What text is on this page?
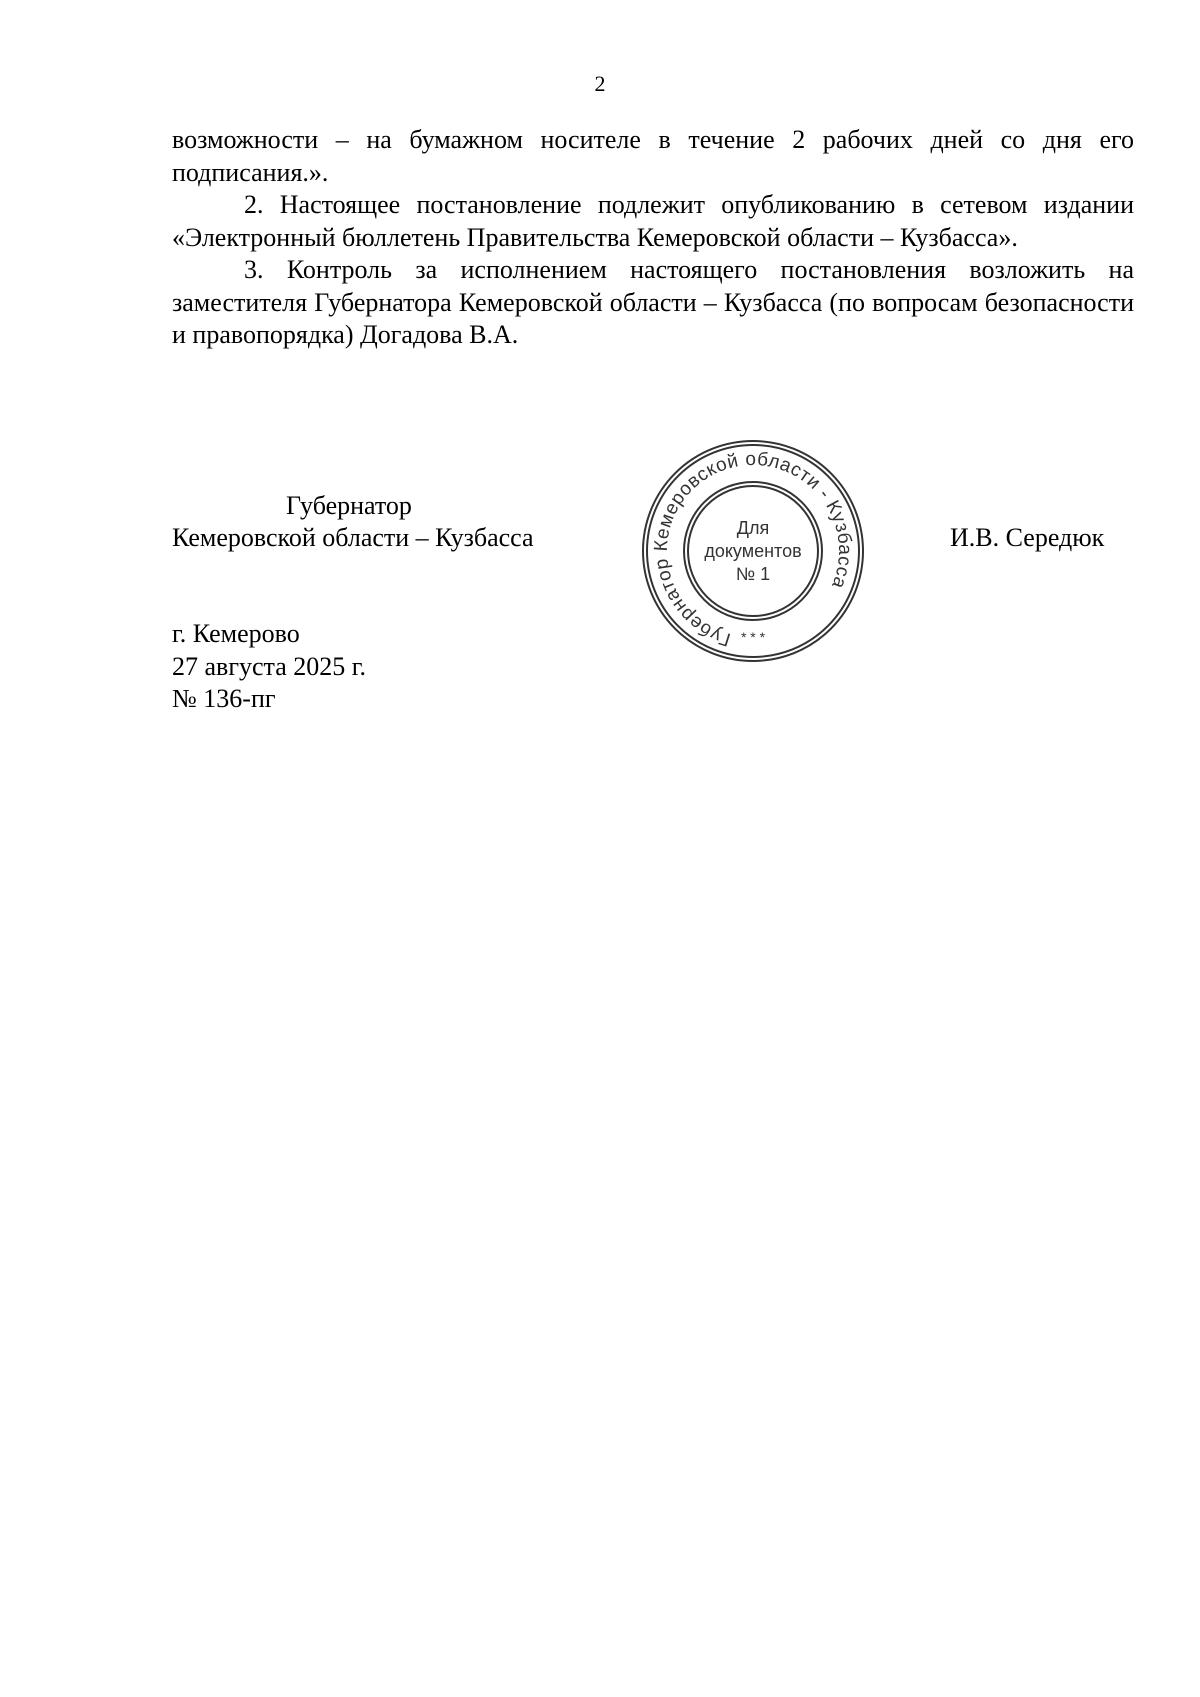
2

возможности – на бумажном носителе в течение 2 рабочих дней со дня его подписания.».

2. Настоящее постановление подлежит опубликованию в сетевом издании «Электронный бюллетень Правительства Кемеровской области – Кузбасса».

3. Контроль за исполнением настоящего постановления возложить на заместителя Губернатора Кемеровской области – Кузбасса (по вопросам безопасности и правопорядка) Догадова В.А.

Губернатор
Кемеровской области – Кузбасса
Губернатор Кемеровской области - Кузбасса
Для
документов
№ 1
* * *
И.В. Середюк
г. Кемерово
27 августа 2025 г.
№ 136-пг
